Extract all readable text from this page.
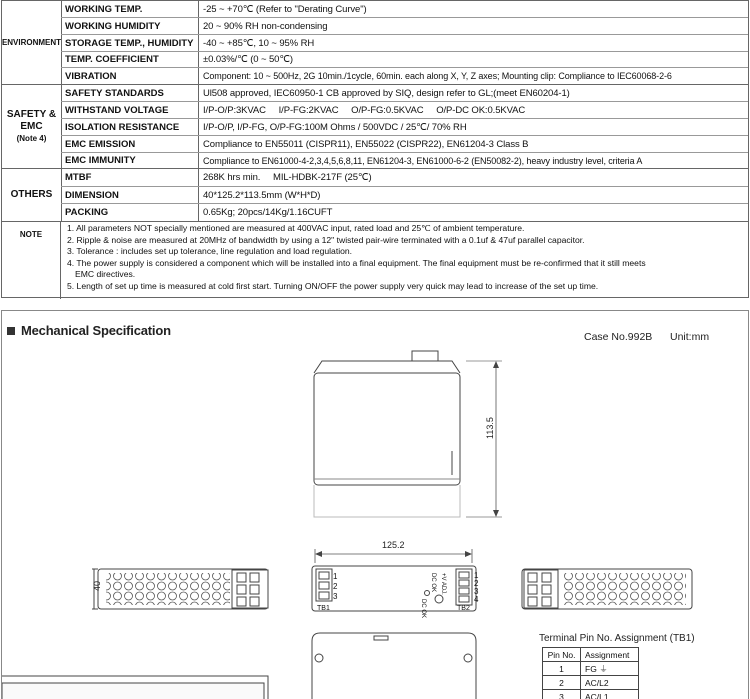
ENVIRONMENT
WORKING TEMP.	-25 ~ +70℃ (Refer to "Derating Curve")
WORKING HUMIDITY	20 ~ 90% RH non-condensing
STORAGE TEMP., HUMIDITY	-40 ~ +85℃, 10 ~ 95% RH
TEMP. COEFFICIENT	±0.03%/℃ (0 ~ 50℃)
VIBRATION	Component: 10 ~ 500Hz, 2G 10min./1cycle, 60min. each along X, Y, Z axes; Mounting clip: Compliance to IEC60068-2-6
SAFETY &
EMC
(Note 4)
SAFETY STANDARDS	Ul508 approved, IEC60950-1 CB approved by SIQ, design refer to GL;(meet EN60204-1)
WITHSTAND VOLTAGE	I/P-O/P:3KVAC     I/P-FG:2KVAC     O/P-FG:0.5KVAC     O/P-DC OK:0.5KVAC
ISOLATION RESISTANCE	I/P-O/P, I/P-FG, O/P-FG:100M Ohms / 500VDC / 25℃/ 70% RH
EMC EMISSION	Compliance to EN55011 (CISPR11), EN55022 (CISPR22), EN61204-3 Class B
EMC IMMUNITY	Compliance to EN61000-4-2,3,4,5,6,8,11, EN61204-3, EN61000-6-2 (EN50082-2), heavy industry level, criteria A
OTHERS
MTBF	268K hrs min.     MIL-HDBK-217F (25℃)
DIMENSION	40*125.2*113.5mm (W*H*D)
PACKING	0.65Kg; 20pcs/14Kg/1.16CUFT
NOTE
1. All parameters NOT specially mentioned are measured at 400VAC input, rated load and 25℃ of ambient temperature.
2. Ripple & noise are measured at 20MHz of bandwidth by using a 12" twisted pair-wire terminated with a 0.1uf & 47uf parallel capacitor.
3. Tolerance : includes set up tolerance, line regulation and load regulation.
4. The power supply is considered a component which will be installed into a final equipment. The final equipment must be re-confirmed that it still meets
EMC directives.
5. Length of set up time is measured at cold first start. Turning ON/OFF the power supply very quick may lead to increase of the set up time.
Mechanical Specification	Case No.992B Unit:mm
113.5
125.2
40
1
2
3
TB1
1
2
3
4
TB2
DC OK +V ADJ.
DC OK
Terminal Pin No. Assignment (TB1)
Pin No.	Assignment
1	FG ⏚
2	AC/L2
3	AC/L1
